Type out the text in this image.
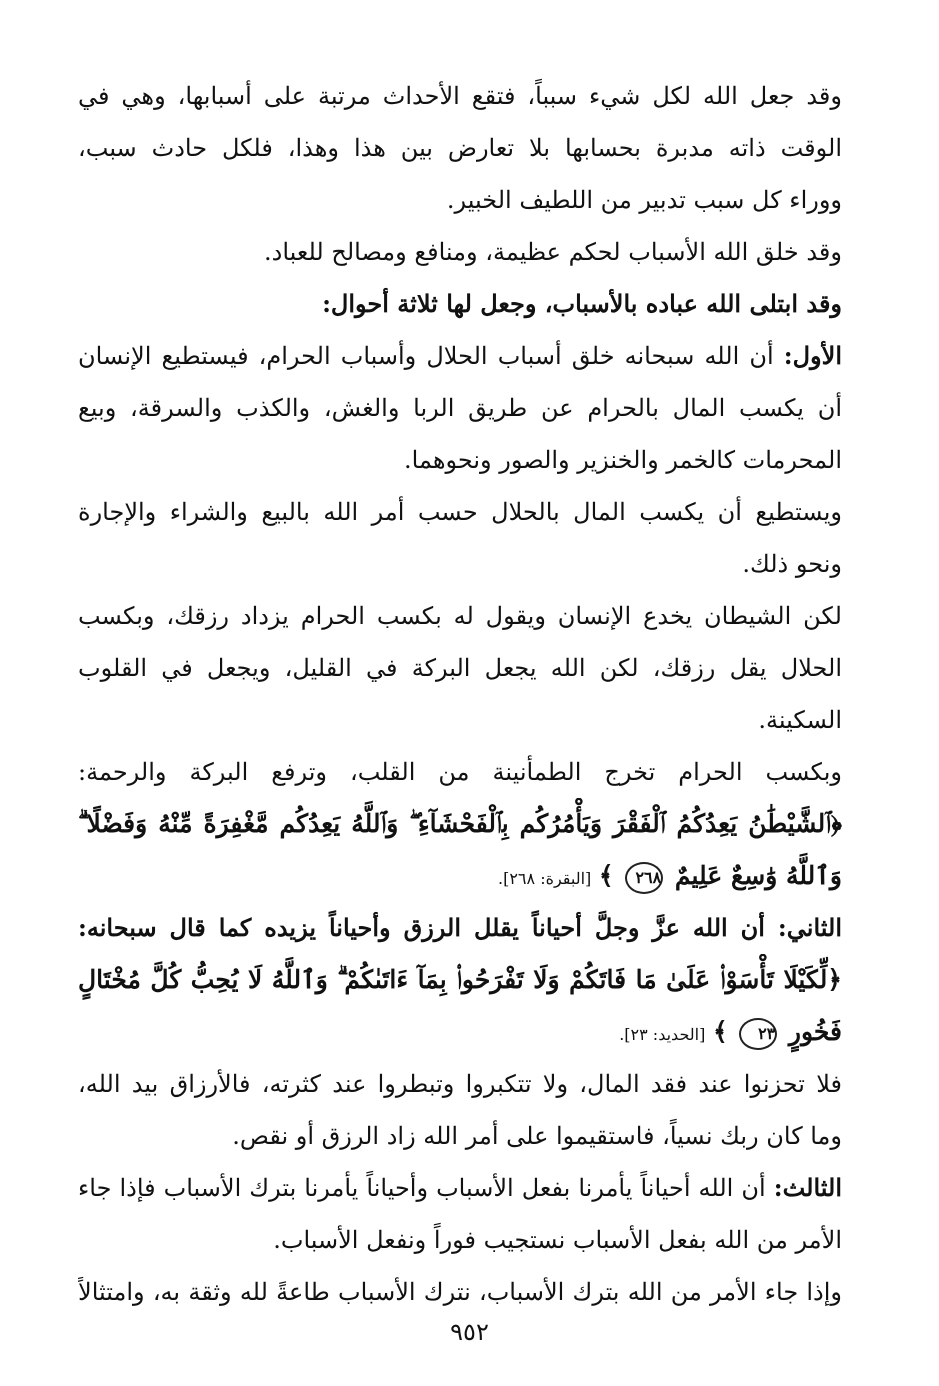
وقد جعل الله لكل شيء سبباً، فتقع الأحداث مرتبة على أسبابها، وهي في
الوقت ذاته مدبرة بحسابها بلا تعارض بين هذا وهذا، فلكل حادث سبب،
ووراء كل سبب تدبير من اللطيف الخبير.
وقد خلق الله الأسباب لحكم عظيمة، ومنافع ومصالح للعباد.
وقد ابتلى الله عباده بالأسباب، وجعل لها ثلاثة أحوال:
الأول: أن الله سبحانه خلق أسباب الحلال وأسباب الحرام، فيستطيع الإنسان
أن يكسب المال بالحرام عن طريق الربا والغش، والكذب والسرقة، وبيع
المحرمات كالخمر والخنزير والصور ونحوهما.
ويستطيع أن يكسب المال بالحلال حسب أمر الله بالبيع والشراء والإجارة
ونحو ذلك.
لكن الشيطان يخدع الإنسان ويقول له بكسب الحرام يزداد رزقك، وبكسب
الحلال يقل رزقك، لكن الله يجعل البركة في القليل، ويجعل في القلوب
السكينة.
وبكسب الحرام تخرج الطمأنينة من القلب، وترفع البركة والرحمة:
﴿ٱلشَّيْطَٰنُ يَعِدُكُمُ ٱلْفَقْرَ وَيَأْمُرُكُم بِٱلْفَحْشَآءِ ۖ وَٱللَّهُ يَعِدُكُم مَّغْفِرَةً مِّنْهُ وَفَضْلًا ۗ
وَٱللَّهُ وَٰسِعٌ عَلِيمٌ ٢٦٨ ﴾ [البقرة: ٢٦٨].
الثاني: أن الله عزَّ وجلَّ أحياناً يقلل الرزق وأحياناً يزيده كما قال سبحانه:
﴿لِّكَيْلَا تَأْسَوْا۟ عَلَىٰ مَا فَاتَكُمْ وَلَا تَفْرَحُوا۟ بِمَآ ءَاتَىٰكُمْ ۗ وَٱللَّهُ لَا يُحِبُّ كُلَّ مُخْتَالٍ
فَخُورٍ ٢٣ ﴾ [الحديد: ٢٣].
فلا تحزنوا عند فقد المال، ولا تتكبروا وتبطروا عند كثرته، فالأرزاق بيد الله،
وما كان ربك نسياً، فاستقيموا على أمر الله زاد الرزق أو نقص.
الثالث: أن الله أحياناً يأمرنا بفعل الأسباب وأحياناً يأمرنا بترك الأسباب فإذا جاء
الأمر من الله بفعل الأسباب نستجيب فوراً ونفعل الأسباب.
وإذا جاء الأمر من الله بترك الأسباب، نترك الأسباب طاعةً لله وثقة به، وامتثالاً
٩٥٢
